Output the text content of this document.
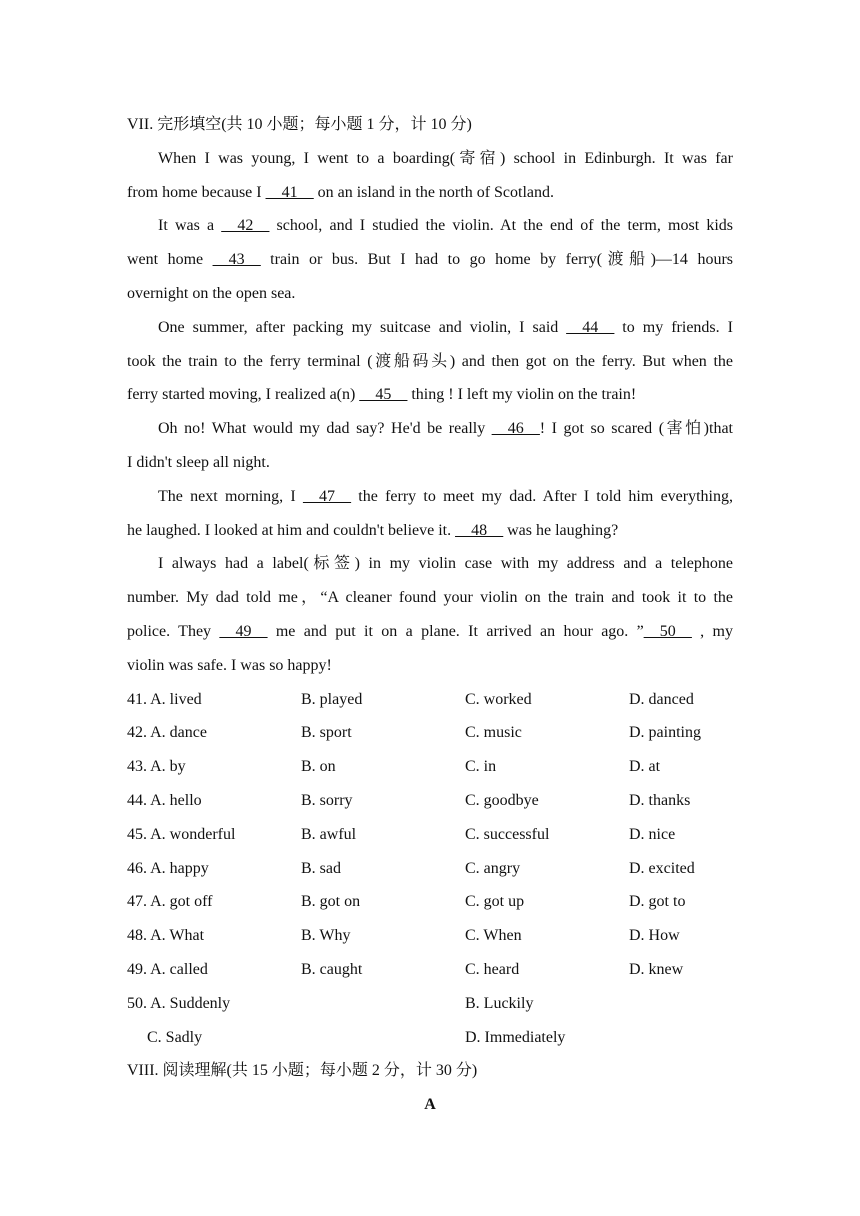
VII. 完形填空(共 10 小题；每小题 1 分，计 10 分)
When I was young, I went to a boarding(寄宿) school in Edinburgh. It was far
from home because I __41__ on an island in the north of Scotland.
It was a __42__ school, and I studied the violin. At the end of the term, most kids
went home __43__ train or bus. But I had to go home by ferry(渡船)—14 hours
overnight on the open sea.
One summer, after packing my suitcase and violin, I said __44__ to my friends. I
took the train to the ferry terminal (渡船码头) and then got on the ferry. But when the
ferry started moving, I realized a(n) __45__ thing ! I left my violin on the train!
Oh no! What would my dad say? He'd be really __46__! I got so scared (害怕)that
I didn't sleep all night.
The next morning, I __47__ the ferry to meet my dad. After I told him everything,
he laughed. I looked at him and couldn't believe it. __48__ was he laughing?
I always had a label(标签) in my violin case with my address and a telephone
number. My dad told me，“A cleaner found your violin on the train and took it to the
police. They __49__ me and put it on a plane. It arrived an hour ago. ”__50__ , my
violin was safe. I was so happy!
41. A. lived	B. played	C. worked	D. danced
42. A. dance	B. sport	C. music	D. painting
43. A. by	B. on	C. in	D. at
44. A. hello	B. sorry	C. goodbye	D. thanks
45. A. wonderful	B. awful	C. successful	D. nice
46. A. happy	B. sad	C. angry	D. excited
47. A. got off	B. got on	C. got up	D. got to
48. A. What	B. Why	C. When	D. How
49. A. called	B. caught	C. heard	D. knew
50. A. Suddenly	B. Luckily
C. Sadly	D. Immediately
VIII. 阅读理解(共 15 小题；每小题 2 分，计 30 分)
A
